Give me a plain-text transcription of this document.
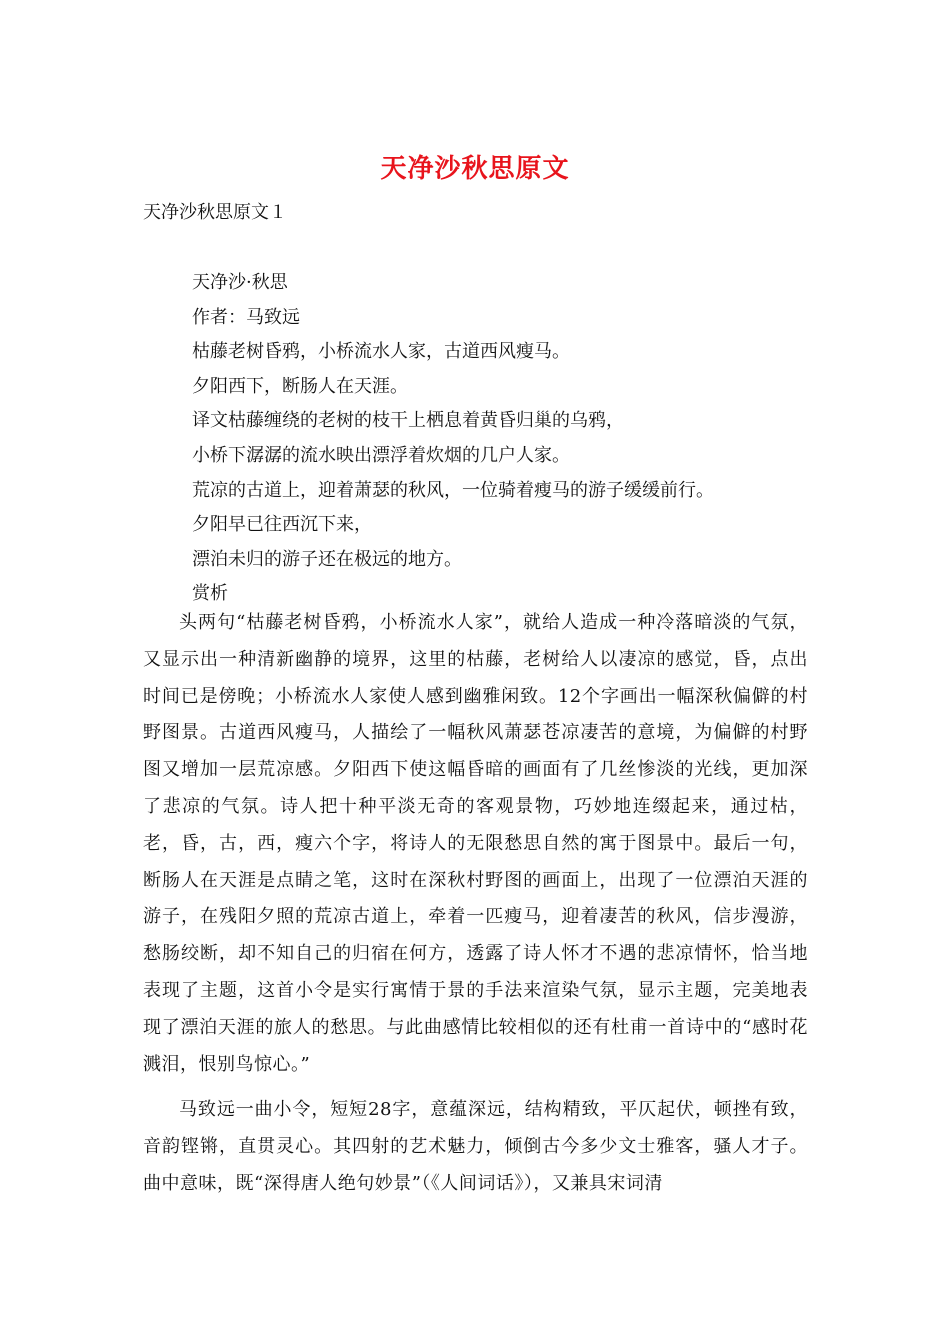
天净沙秋思原文
天净沙秋思原文１
天净沙·秋思
作者：马致远
枯藤老树昏鸦，小桥流水人家，古道西风瘦马。
夕阳西下，断肠人在天涯。
译文枯藤缠绕的老树的枝干上栖息着黄昏归巢的乌鸦，
小桥下潺潺的流水映出漂浮着炊烟的几户人家。
荒凉的古道上，迎着萧瑟的秋风，一位骑着瘦马的游子缓缓前行。
夕阳早已往西沉下来，
漂泊未归的游子还在极远的地方。
赏析

头两句“枯藤老树昏鸦，小桥流水人家”，就给人造成一种冷落暗淡的气氛，又显示出一种清新幽静的境界，这里的枯藤，老树给人以凄凉的感觉，昏，点出时间已是傍晚；小桥流水人家使人感到幽雅闲致。12个字画出一幅深秋偏僻的村野图景。古道西风瘦马，人描绘了一幅秋风萧瑟苍凉凄苦的意境，为偏僻的村野图又增加一层荒凉感。夕阳西下使这幅昏暗的画面有了几丝惨淡的光线，更加深了悲凉的气氛。诗人把十种平淡无奇的客观景物，巧妙地连缀起来，通过枯，老，昏，古，西，瘦六个字，将诗人的无限愁思自然的寓于图景中。最后一句，断肠人在天涯是点睛之笔，这时在深秋村野图的画面上，出现了一位漂泊天涯的游子，在残阳夕照的荒凉古道上，牵着一匹瘦马，迎着凄苦的秋风，信步漫游，愁肠绞断，却不知自己的归宿在何方，透露了诗人怀才不遇的悲凉情怀，恰当地表现了主题，这首小令是实行寓情于景的手法来渲染气氛，显示主题，完美地表现了漂泊天涯的旅人的愁思。与此曲感情比较相似的还有杜甫一首诗中的“感时花溅泪，恨别鸟惊心。”

马致远一曲小令，短短28字，意蕴深远，结构精致，平仄起伏，顿挫有致，音韵铿锵，直贯灵心。其四射的艺术魅力，倾倒古今多少文士雅客，骚人才子。曲中意味，既“深得唐人绝句妙景”（《人间词话》），又兼具宋词清
